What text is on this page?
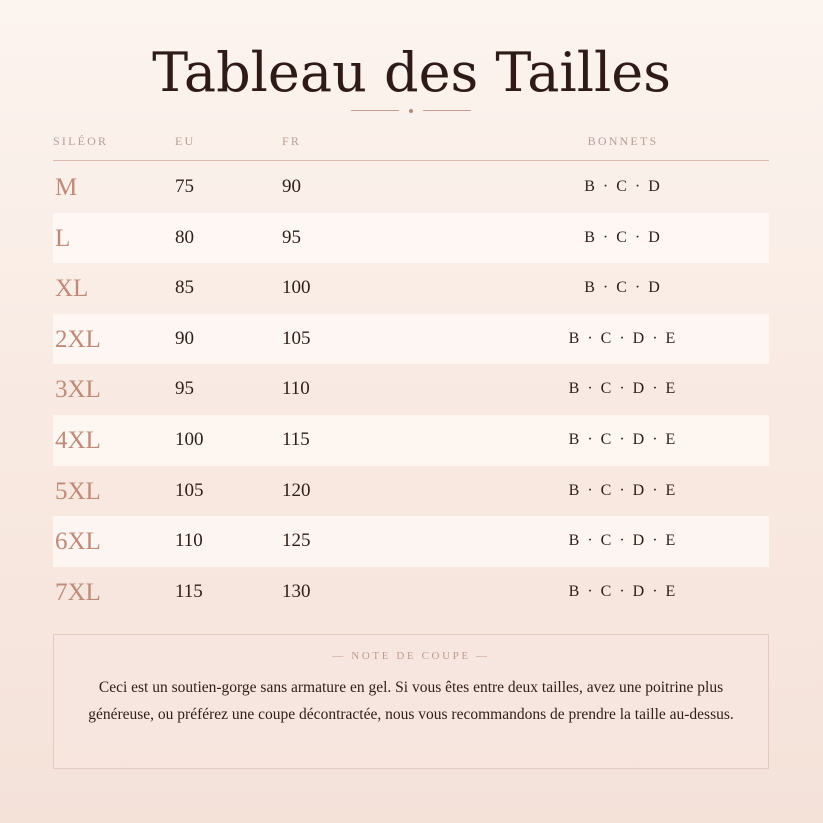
Tableau des Tailles
SILÉOR	EU	FR	BONNETS
M	75	90	B · C · D
L	80	95	B · C · D
XL	85	100	B · C · D
2XL	90	105	B · C · D · E
3XL	95	110	B · C · D · E
4XL	100	115	B · C · D · E
5XL	105	120	B · C · D · E
6XL	110	125	B · C · D · E
7XL	115	130	B · C · D · E
— NOTE DE COUPE —
Ceci est un soutien-gorge sans armature en gel. Si vous êtes entre deux tailles, avez une poitrine plus généreuse, ou préférez une coupe décontractée, nous vous recommandons de prendre la taille au-dessus.
